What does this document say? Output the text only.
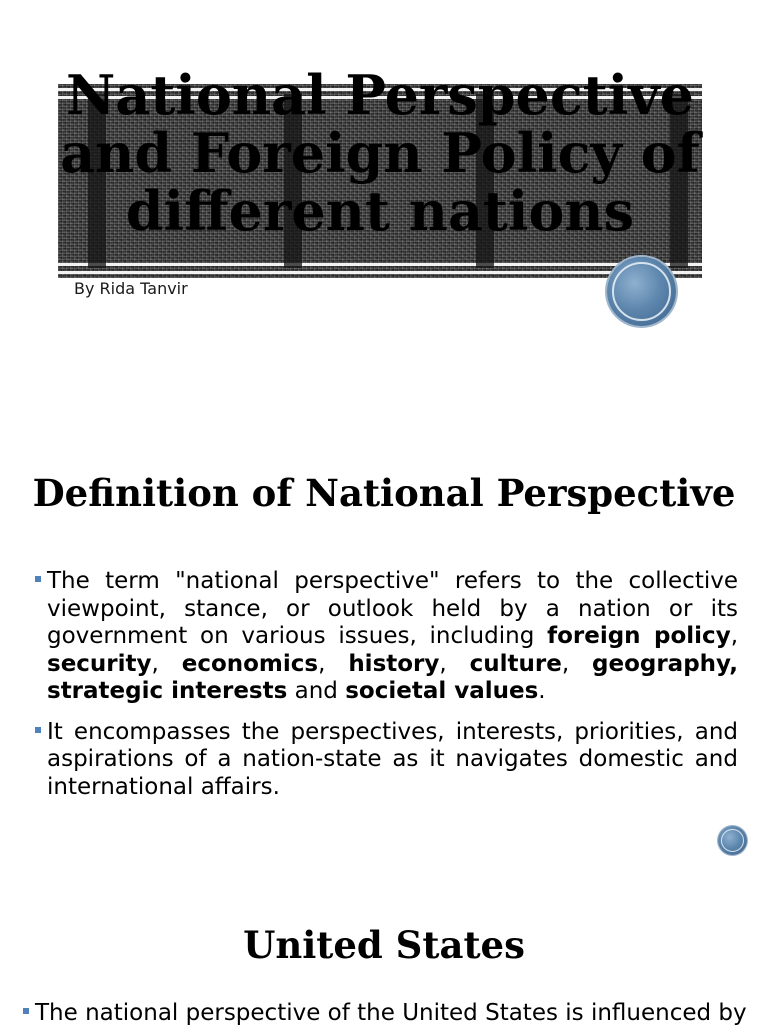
National Perspective and Foreign Policy of different nations
By Rida Tanvir
Definition of National Perspective
The term "national perspective" refers to the collective viewpoint, stance, or outlook held by a nation or its government on various issues, including foreign policy, security, economics, history, culture, geography, strategic interests and societal values.
It encompasses the perspectives, interests, priorities, and aspirations of a nation-state as it navigates domestic and international affairs.
United States
The national perspective of the United States is influenced by
